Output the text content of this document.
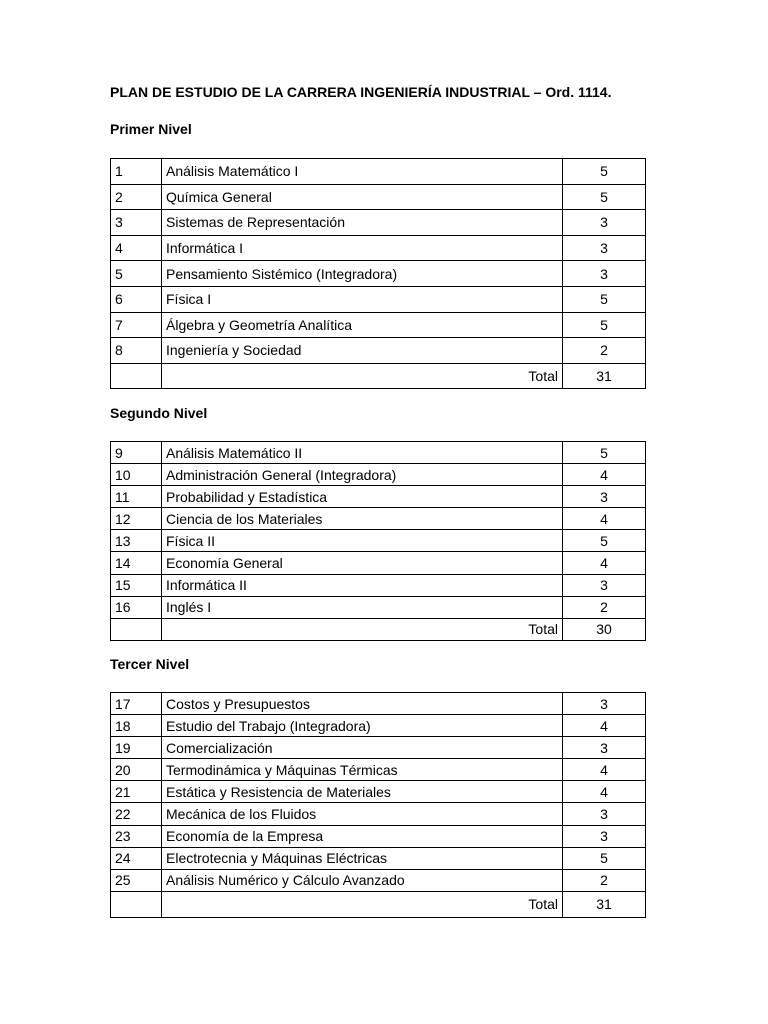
PLAN DE ESTUDIO DE LA CARRERA INGENIERÍA INDUSTRIAL – Ord. 1114.
Primer Nivel
1	Análisis Matemático I	5
2	Química General	5
3	Sistemas de Representación	3
4	Informática I	3
5	Pensamiento Sistémico (Integradora)	3
6	Física I	5
7	Álgebra y Geometría Analítica	5
8	Ingeniería y Sociedad	2
	Total	31
Segundo Nivel
9	Análisis Matemático II	5
10	Administración General (Integradora)	4
11	Probabilidad y Estadística	3
12	Ciencia de los Materiales	4
13	Física II	5
14	Economía General	4
15	Informática II	3
16	Inglés I	2
	Total	30
Tercer Nivel
17	Costos y Presupuestos	3
18	Estudio del Trabajo (Integradora)	4
19	Comercialización	3
20	Termodinámica y Máquinas Térmicas	4
21	Estática y Resistencia de Materiales	4
22	Mecánica de los Fluidos	3
23	Economía de la Empresa	3
24	Electrotecnia y Máquinas Eléctricas	5
25	Análisis Numérico y Cálculo Avanzado	2
	Total	31
